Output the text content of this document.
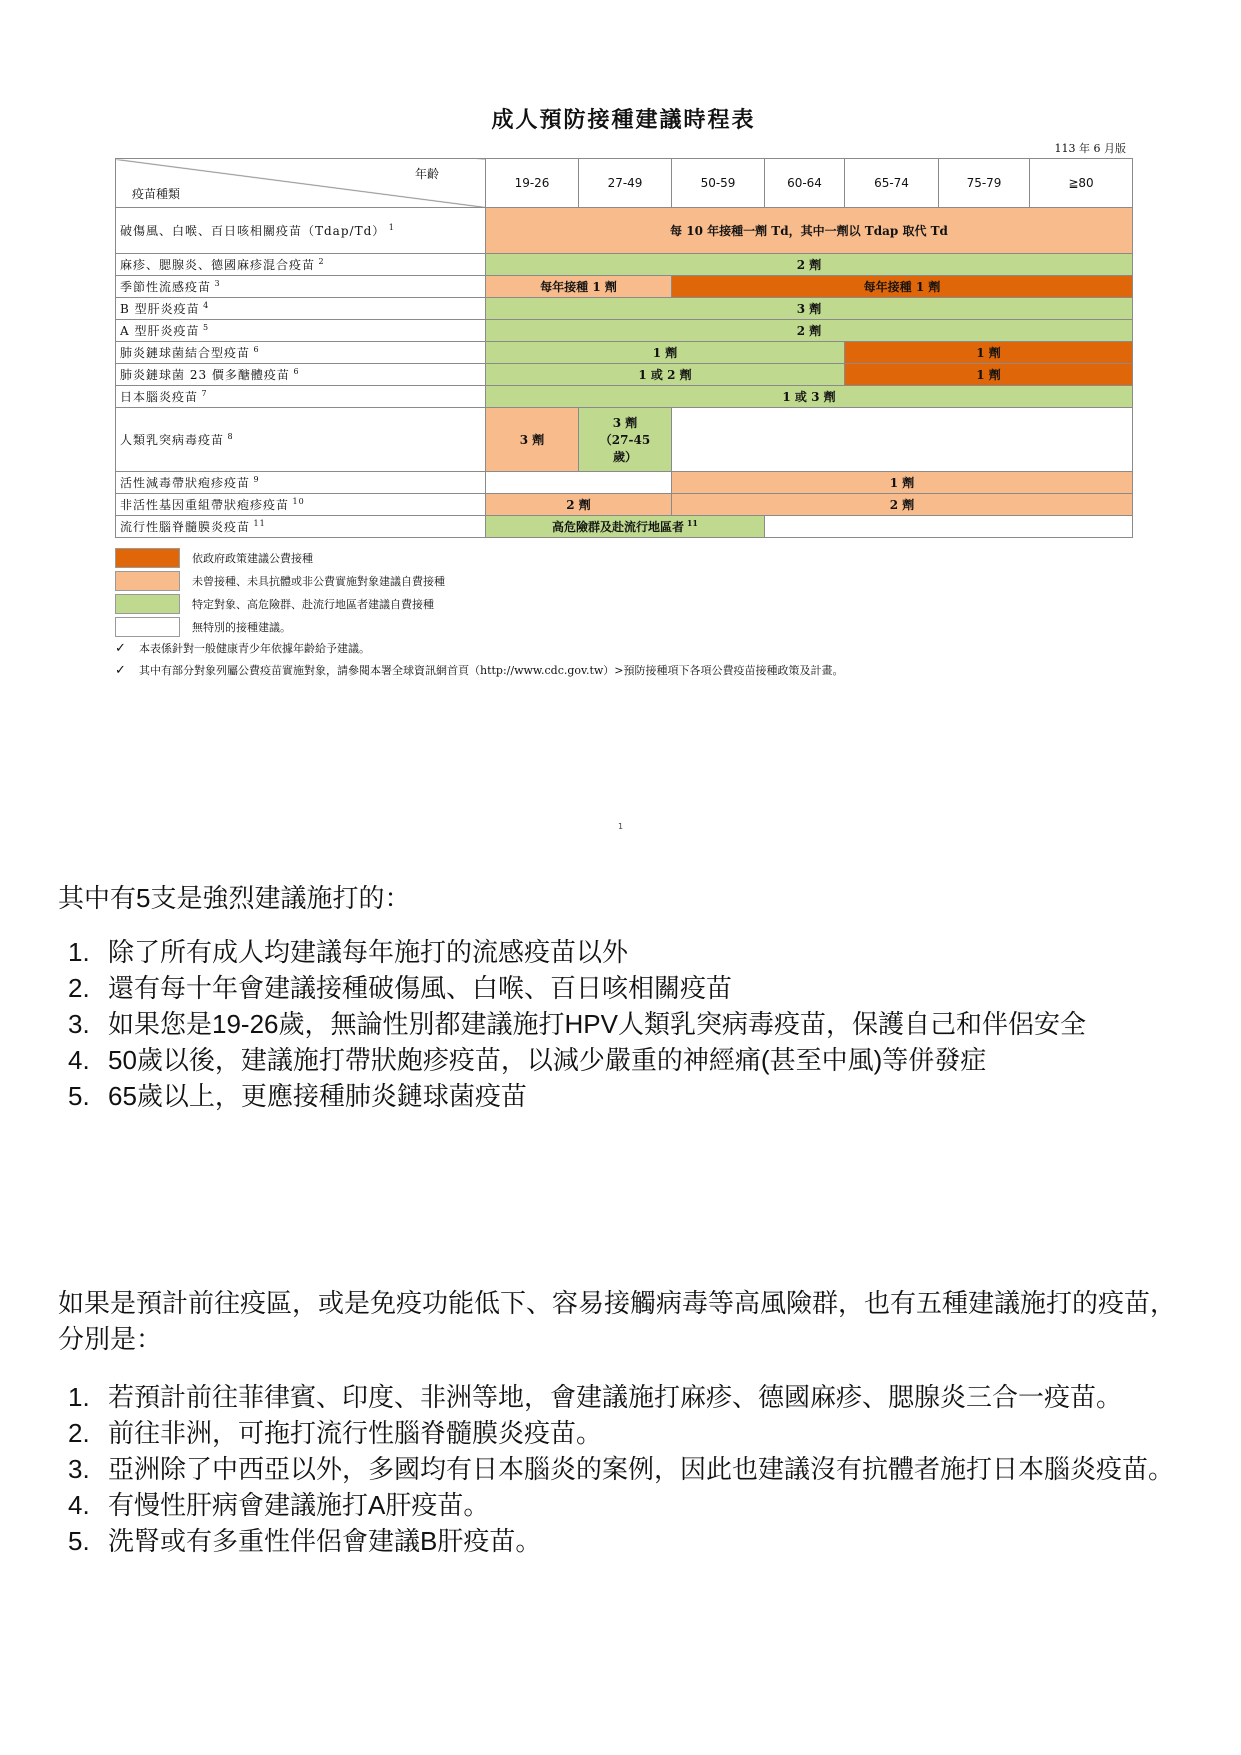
成人預防接種建議時程表
113 年 6 月版
年齡
疫苗種類	19-26	27-49	50-59	60-64	65-74	75-79	≧80
破傷風、白喉、百日咳相關疫苗（Tdap/Td） $^1$	每 10 年接種一劑 Td，其中一劑以 Tdap 取代 Td						
麻疹、腮腺炎、德國麻疹混合疫苗 $^2$	2 劑						
季節性流感疫苗 $^3$	每年接種 1 劑		每年接種 1 劑				
B 型肝炎疫苗 $^4$	3 劑						
A 型肝炎疫苗 $^5$	2 劑						
肺炎鏈球菌結合型疫苗 $^6$	1 劑				1 劑		
肺炎鏈球菌 23 價多醣體疫苗 $^6$	1 或 2 劑				1 劑		
日本腦炎疫苗 $^7$	1 或 3 劑						
人類乳突病毒疫苗 $^8$	3 劑	3 劑
（27-45
歲）					

活性減毒帶狀疱疹疫苗 $^9$			1 劑				
非活性基因重組帶狀疱疹疫苗 $^{10}$	2 劑		2 劑				
流行性腦脊髓膜炎疫苗 $^{11}$	高危險群及赴流行地區者 $^{11}$	
依政府政策建議公費接種
未曾接種、未具抗體或非公費實施對象建議自費接種
特定對象、高危險群、赴流行地區者建議自費接種
無特別的接種建議。
✓	本表係針對一般健康青少年依據年齡給予建議。
✓	其中有部分對象列屬公費疫苗實施對象，請參閱本署全球資訊網首頁（http://www.cdc.gov.tw）>預防接種項下各項公費疫苗接種政策及計畫。
1

其中有5支是強烈建議施打的：

1. 除了所有成人均建議每年施打的流感疫苗以外
2. 還有每十年會建議接種破傷風、白喉、百日咳相關疫苗
3. 如果您是19-26歲，無論性別都建議施打HPV人類乳突病毒疫苗，保護自己和伴侶安全
4. 50歲以後，建議施打帶狀皰疹疫苗，以減少嚴重的神經痛(甚至中風)等併發症
5. 65歲以上，更應接種肺炎鏈球菌疫苗

如果是預計前往疫區，或是免疫功能低下、容易接觸病毒等高風險群，也有五種建議施打的疫苗，分別是：

1. 若預計前往菲律賓、印度、非洲等地，會建議施打麻疹、德國麻疹、腮腺炎三合一疫苗。
2. 前往非洲，可拖打流行性腦脊髓膜炎疫苗。
3. 亞洲除了中西亞以外，多國均有日本腦炎的案例，因此也建議沒有抗體者施打日本腦炎疫苗。
4. 有慢性肝病會建議施打A肝疫苗。
5. 洗腎或有多重性伴侶會建議B肝疫苗。
